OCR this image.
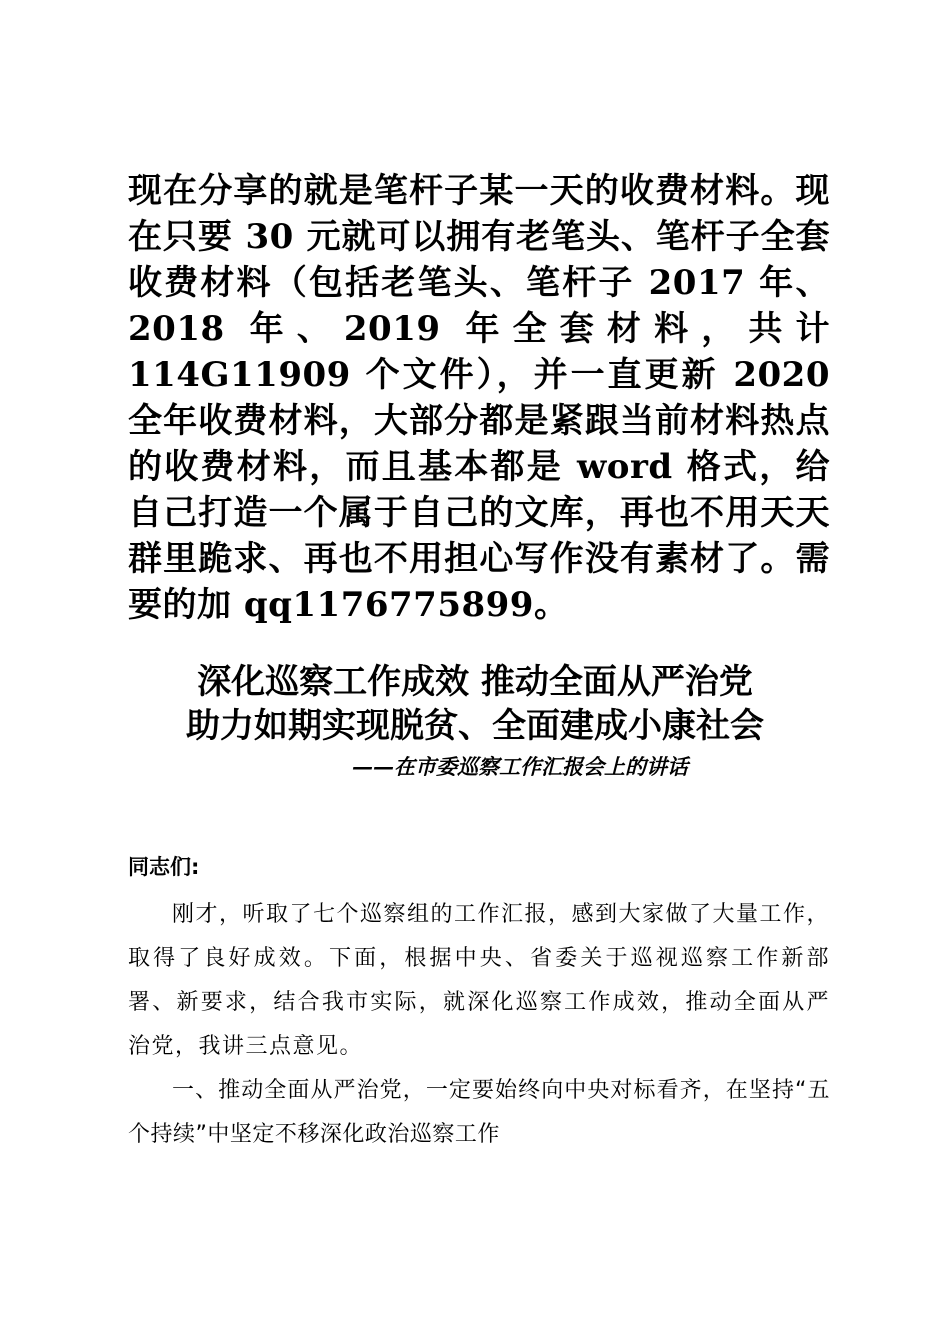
现在分享的就是笔杆子某一天的收费材料。现在只要 30 元就可以拥有老笔头、笔杆子全套收费材料（包括老笔头、笔杆子 2017 年、2018 年、2019 年全套材料，共计 114G11909 个文件），并一直更新 2020 全年收费材料，大部分都是紧跟当前材料热点的收费材料，而且基本都是 word 格式，给自己打造一个属于自己的文库，再也不用天天群里跪求、再也不用担心写作没有素材了。需要的加 qq1176775899。
深化巡察工作成效 推动全面从严治党
助力如期实现脱贫、全面建成小康社会
——在市委巡察工作汇报会上的讲话
同志们:
刚才，听取了七个巡察组的工作汇报，感到大家做了大量工作，取得了良好成效。下面，根据中央、省委关于巡视巡察工作新部署、新要求，结合我市实际，就深化巡察工作成效，推动全面从严治党，我讲三点意见。
一、推动全面从严治党，一定要始终向中央对标看齐，在坚持“五个持续”中坚定不移深化政治巡察工作
